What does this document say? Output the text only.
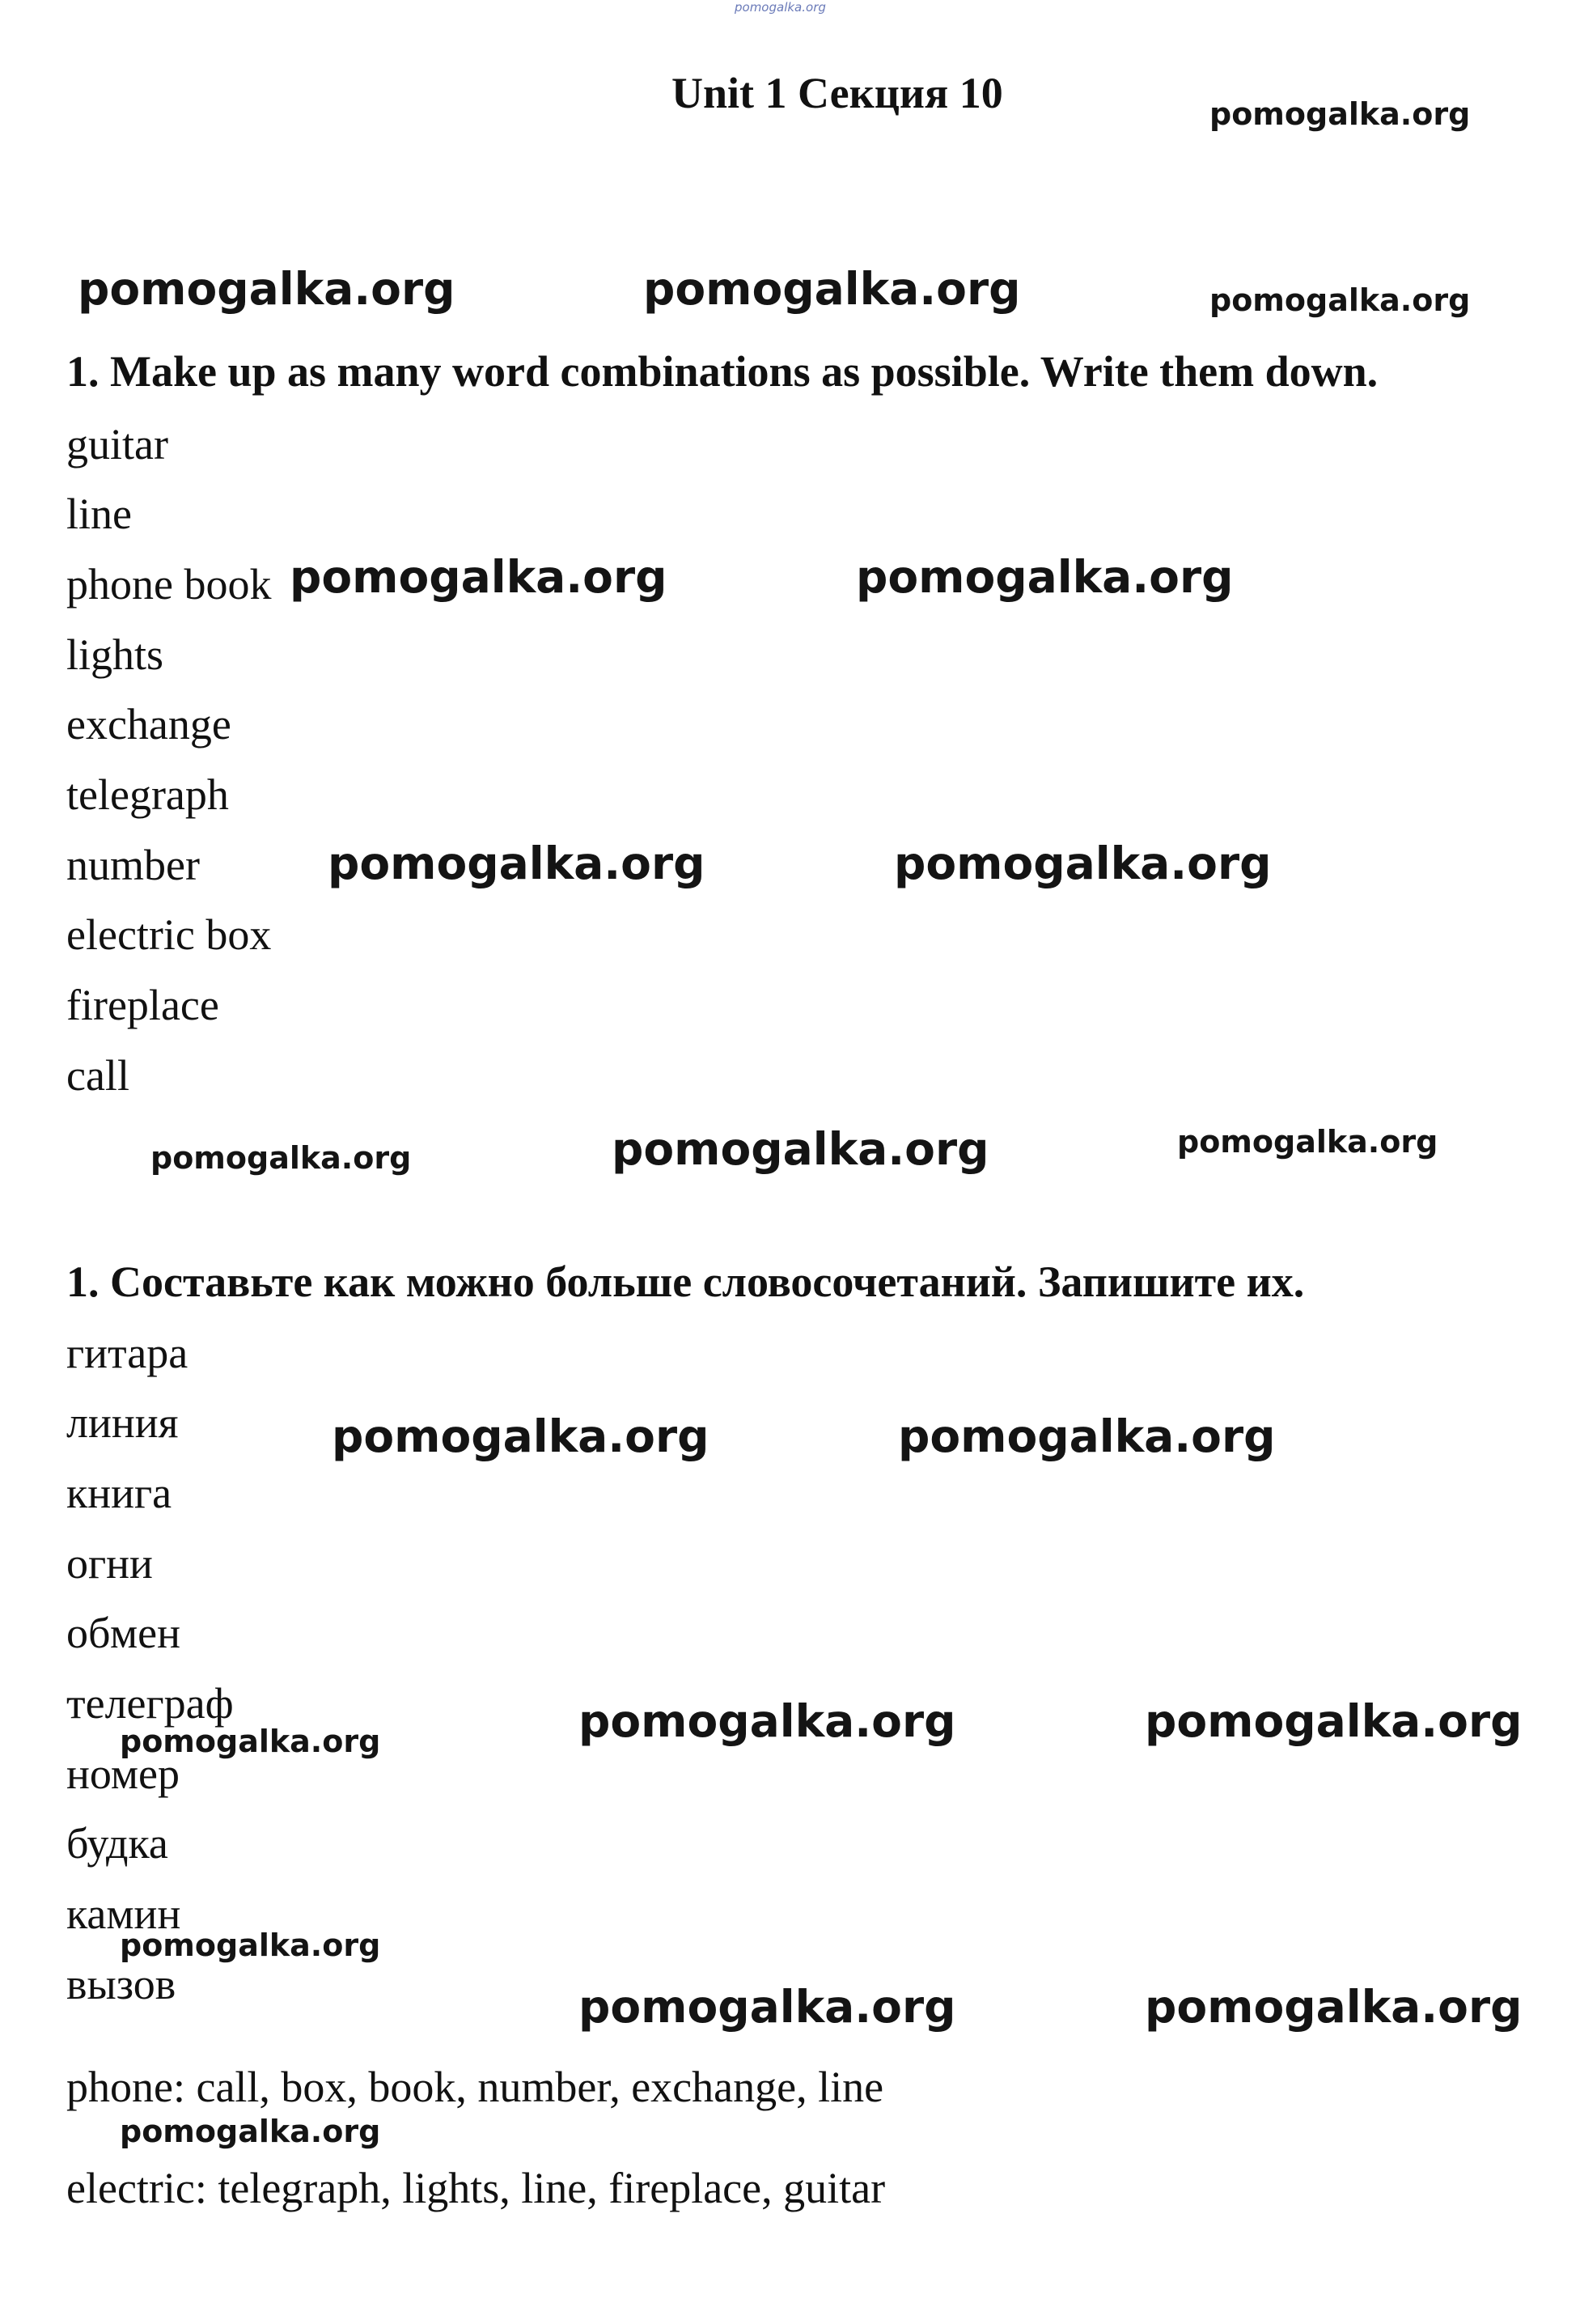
pomogalka.org
Unit 1 Секция 10	pomogalka.org
pomogalka.org	pomogalka.org	pomogalka.org
1. Make up as many word combinations as possible. Write them down.
guitar
line
phone book
lights
exchange
telegraph
number
electric box
fireplace
call
pomogalka.org	pomogalka.org
pomogalka.org	pomogalka.org
pomogalka.org	pomogalka.org	pomogalka.org
1. Составьте как можно больше словосочетаний. Запишите их.
гитара
линия
книга
огни
обмен
телеграф
номер
будка
камин
вызов
pomogalka.org	pomogalka.org
pomogalka.org	pomogalka.org	pomogalka.org
pomogalka.org
pomogalka.org	pomogalka.org
phone: call, box, book, number, exchange, line
pomogalka.org
electric: telegraph, lights, line, fireplace, guitar
